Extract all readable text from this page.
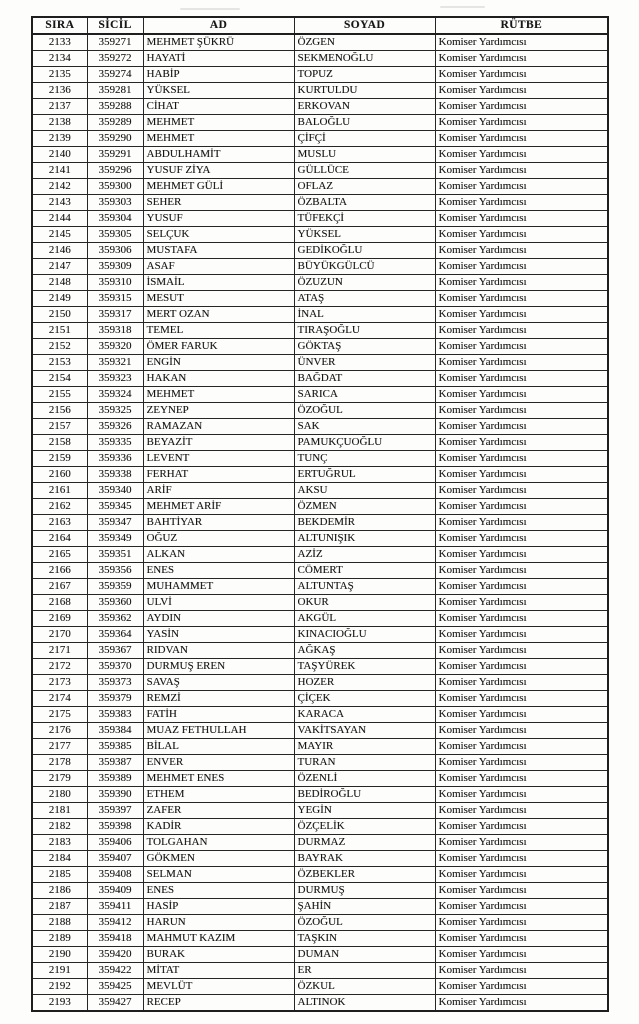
SIRA	SİCİL	AD	SOYAD	RÜTBE
2133	359271	MEHMET ŞÜKRÜ	ÖZGEN	Komiser Yardımcısı
2134	359272	HAYATİ	SEKMENOĞLU	Komiser Yardımcısı
2135	359274	HABİP	TOPUZ	Komiser Yardımcısı
2136	359281	YÜKSEL	KURTULDU	Komiser Yardımcısı
2137	359288	CİHAT	ERKOVAN	Komiser Yardımcısı
2138	359289	MEHMET	BALOĞLU	Komiser Yardımcısı
2139	359290	MEHMET	ÇİFÇİ	Komiser Yardımcısı
2140	359291	ABDULHAMİT	MUSLU	Komiser Yardımcısı
2141	359296	YUSUF ZİYA	GÜLLÜCE	Komiser Yardımcısı
2142	359300	MEHMET GÜLİ	OFLAZ	Komiser Yardımcısı
2143	359303	SEHER	ÖZBALTA	Komiser Yardımcısı
2144	359304	YUSUF	TÜFEKÇİ	Komiser Yardımcısı
2145	359305	SELÇUK	YÜKSEL	Komiser Yardımcısı
2146	359306	MUSTAFA	GEDİKOĞLU	Komiser Yardımcısı
2147	359309	ASAF	BÜYÜKGÜLCÜ	Komiser Yardımcısı
2148	359310	İSMAİL	ÖZUZUN	Komiser Yardımcısı
2149	359315	MESUT	ATAŞ	Komiser Yardımcısı
2150	359317	MERT OZAN	İNAL	Komiser Yardımcısı
2151	359318	TEMEL	TIRAŞOĞLU	Komiser Yardımcısı
2152	359320	ÖMER FARUK	GÖKTAŞ	Komiser Yardımcısı
2153	359321	ENGİN	ÜNVER	Komiser Yardımcısı
2154	359323	HAKAN	BAĞDAT	Komiser Yardımcısı
2155	359324	MEHMET	SARICA	Komiser Yardımcısı
2156	359325	ZEYNEP	ÖZOĞUL	Komiser Yardımcısı
2157	359326	RAMAZAN	SAK	Komiser Yardımcısı
2158	359335	BEYAZİT	PAMUKÇUOĞLU	Komiser Yardımcısı
2159	359336	LEVENT	TUNÇ	Komiser Yardımcısı
2160	359338	FERHAT	ERTUĞRUL	Komiser Yardımcısı
2161	359340	ARİF	AKSU	Komiser Yardımcısı
2162	359345	MEHMET ARİF	ÖZMEN	Komiser Yardımcısı
2163	359347	BAHTİYAR	BEKDEMİR	Komiser Yardımcısı
2164	359349	OĞUZ	ALTUNIŞIK	Komiser Yardımcısı
2165	359351	ALKAN	AZİZ	Komiser Yardımcısı
2166	359356	ENES	CÖMERT	Komiser Yardımcısı
2167	359359	MUHAMMET	ALTUNTAŞ	Komiser Yardımcısı
2168	359360	ULVİ	OKUR	Komiser Yardımcısı
2169	359362	AYDIN	AKGÜL	Komiser Yardımcısı
2170	359364	YASİN	KINACIOĞLU	Komiser Yardımcısı
2171	359367	RIDVAN	AĞKAŞ	Komiser Yardımcısı
2172	359370	DURMUŞ EREN	TAŞYÜREK	Komiser Yardımcısı
2173	359373	SAVAŞ	HOZER	Komiser Yardımcısı
2174	359379	REMZİ	ÇİÇEK	Komiser Yardımcısı
2175	359383	FATİH	KARACA	Komiser Yardımcısı
2176	359384	MUAZ FETHULLAH	VAKİTSAYAN	Komiser Yardımcısı
2177	359385	BİLAL	MAYIR	Komiser Yardımcısı
2178	359387	ENVER	TURAN	Komiser Yardımcısı
2179	359389	MEHMET ENES	ÖZENLİ	Komiser Yardımcısı
2180	359390	ETHEM	BEDİROĞLU	Komiser Yardımcısı
2181	359397	ZAFER	YEGİN	Komiser Yardımcısı
2182	359398	KADİR	ÖZÇELİK	Komiser Yardımcısı
2183	359406	TOLGAHAN	DURMAZ	Komiser Yardımcısı
2184	359407	GÖKMEN	BAYRAK	Komiser Yardımcısı
2185	359408	SELMAN	ÖZBEKLER	Komiser Yardımcısı
2186	359409	ENES	DURMUŞ	Komiser Yardımcısı
2187	359411	HASİP	ŞAHİN	Komiser Yardımcısı
2188	359412	HARUN	ÖZOĞUL	Komiser Yardımcısı
2189	359418	MAHMUT KAZIM	TAŞKIN	Komiser Yardımcısı
2190	359420	BURAK	DUMAN	Komiser Yardımcısı
2191	359422	MİTAT	ER	Komiser Yardımcısı
2192	359425	MEVLÜT	ÖZKUL	Komiser Yardımcısı
2193	359427	RECEP	ALTINOK	Komiser Yardımcısı
